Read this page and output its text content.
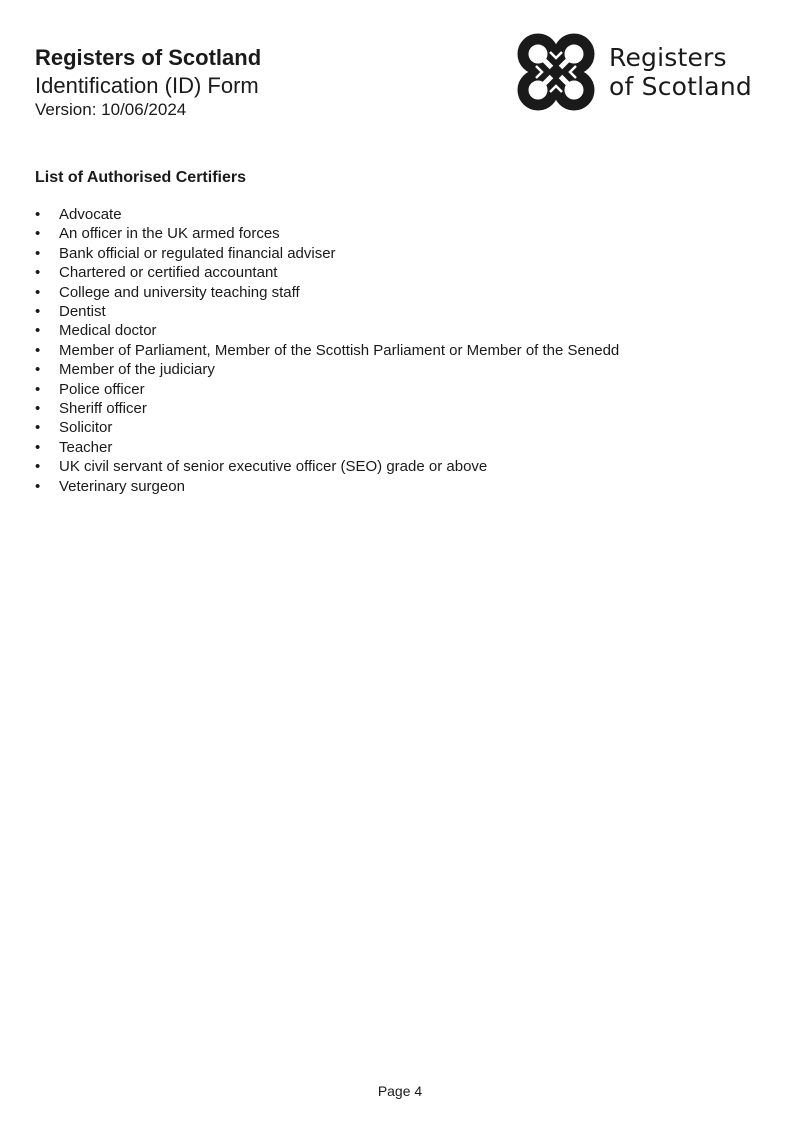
Registers of Scotland

Identification (ID) Form

Version: 10/06/2024

Registers
of Scotland
List of Authorised Certifiers
• Advocate
• An officer in the UK armed forces
• Bank official or regulated financial adviser
• Chartered or certified accountant
• College and university teaching staff
• Dentist
• Medical doctor
• Member of Parliament, Member of the Scottish Parliament or Member of the Senedd
• Member of the judiciary
• Police officer
• Sheriff officer
• Solicitor
• Teacher
• UK civil servant of senior executive officer (SEO) grade or above
• Veterinary surgeon
Page 4
